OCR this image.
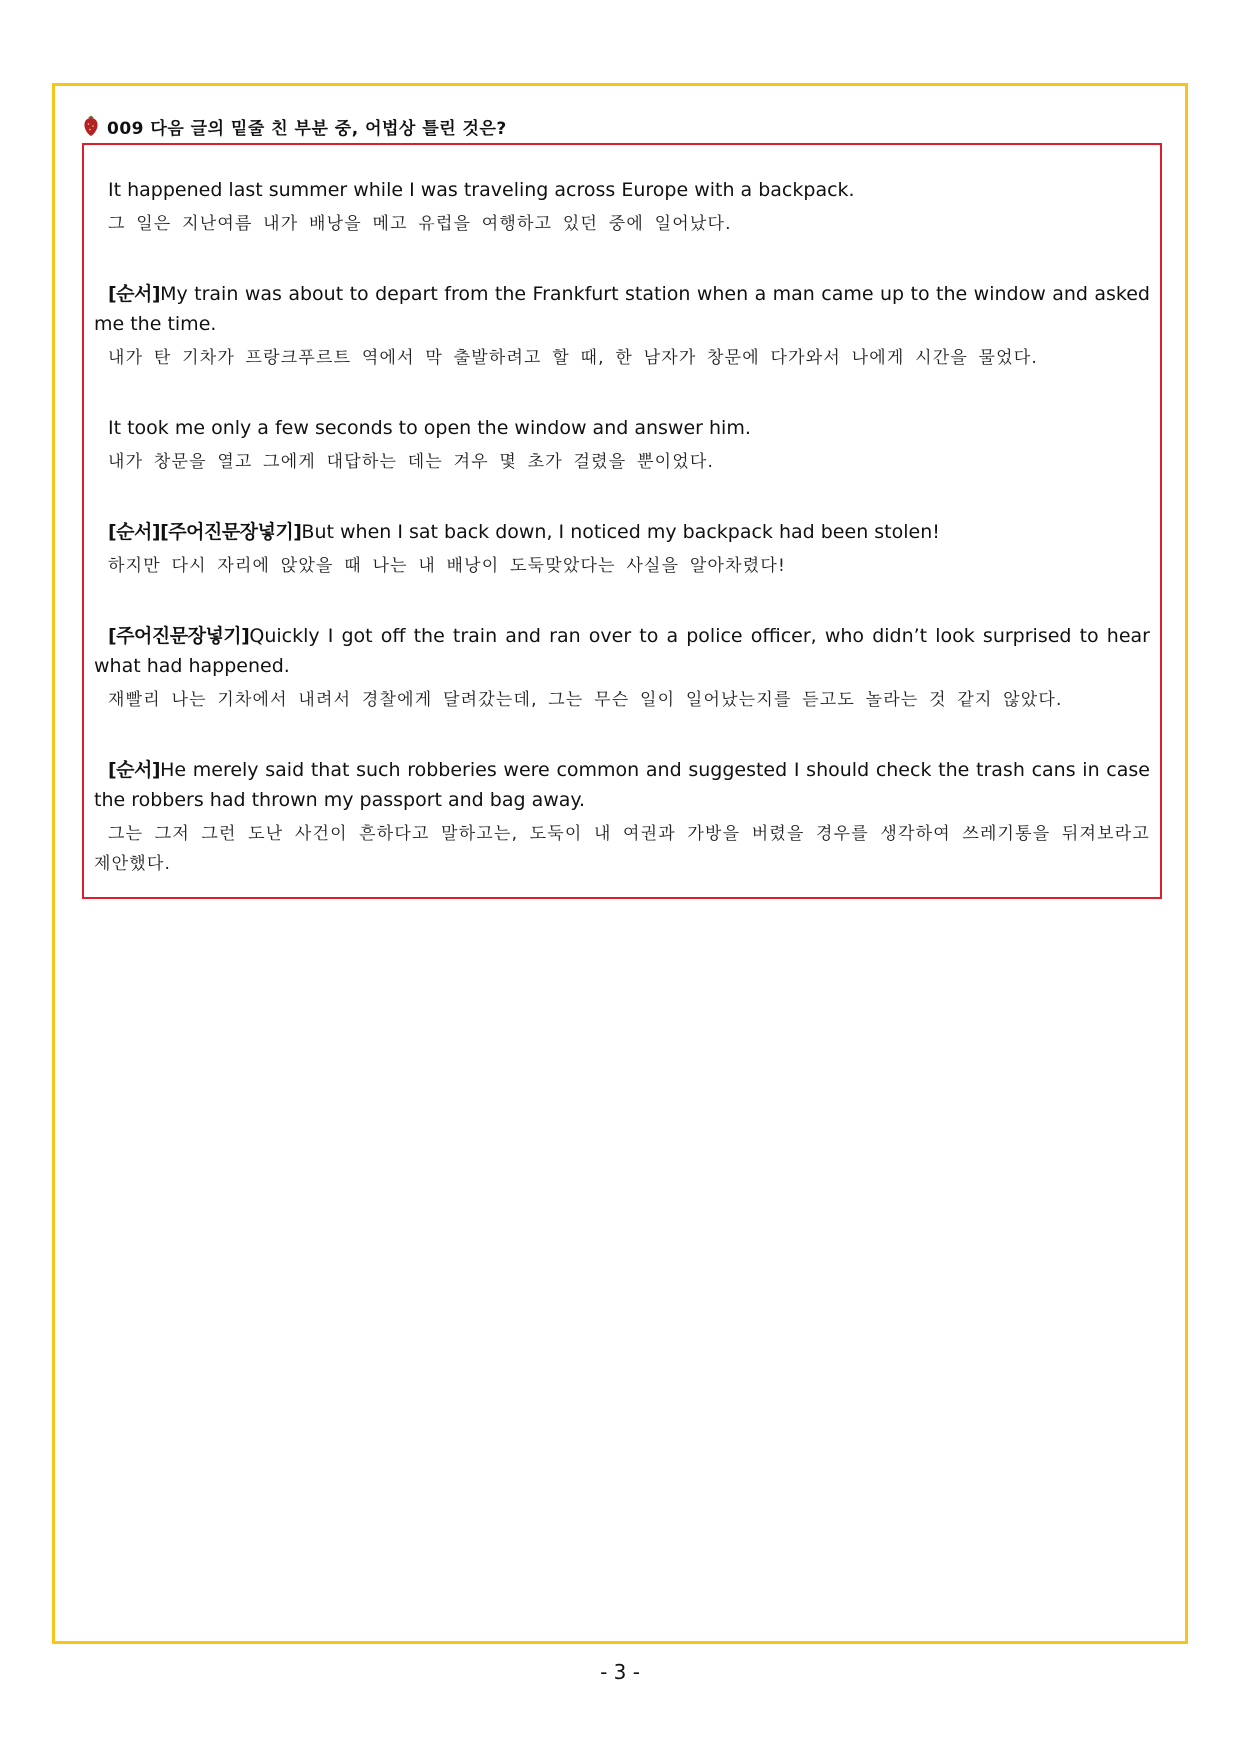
009 다음 글의 밑줄 친 부분 중, 어법상 틀린 것은?

It happened last summer while I was traveling across Europe with a backpack.

그 일은 지난여름 내가 배낭을 메고 유럽을 여행하고 있던 중에 일어났다.

[순서]My train was about to depart from the Frankfurt station when a man came up to the window and asked me the time.

내가 탄 기차가 프랑크푸르트 역에서 막 출발하려고 할 때, 한 남자가 창문에 다가와서 나에게 시간을 물었다.

It took me only a few seconds to open the window and answer him.

내가 창문을 열고 그에게 대답하는 데는 겨우 몇 초가 걸렸을 뿐이었다.

[순서][주어진문장넣기]But when I sat back down, I noticed my backpack had been stolen!

하지만 다시 자리에 앉았을 때 나는 내 배낭이 도둑맞았다는 사실을 알아차렸다!

[주어진문장넣기]Quickly I got off the train and ran over to a police officer, who didn’t look surprised to hear what had happened.

재빨리 나는 기차에서 내려서 경찰에게 달려갔는데, 그는 무슨 일이 일어났는지를 듣고도 놀라는 것 같지 않았다.

[순서]He merely said that such robberies were common and suggested I should check the trash cans in case the robbers had thrown my passport and bag away.

그는 그저 그런 도난 사건이 흔하다고 말하고는, 도둑이 내 여권과 가방을 버렸을 경우를 생각하여 쓰레기통을 뒤져보라고 제안했다.

- 3 -
